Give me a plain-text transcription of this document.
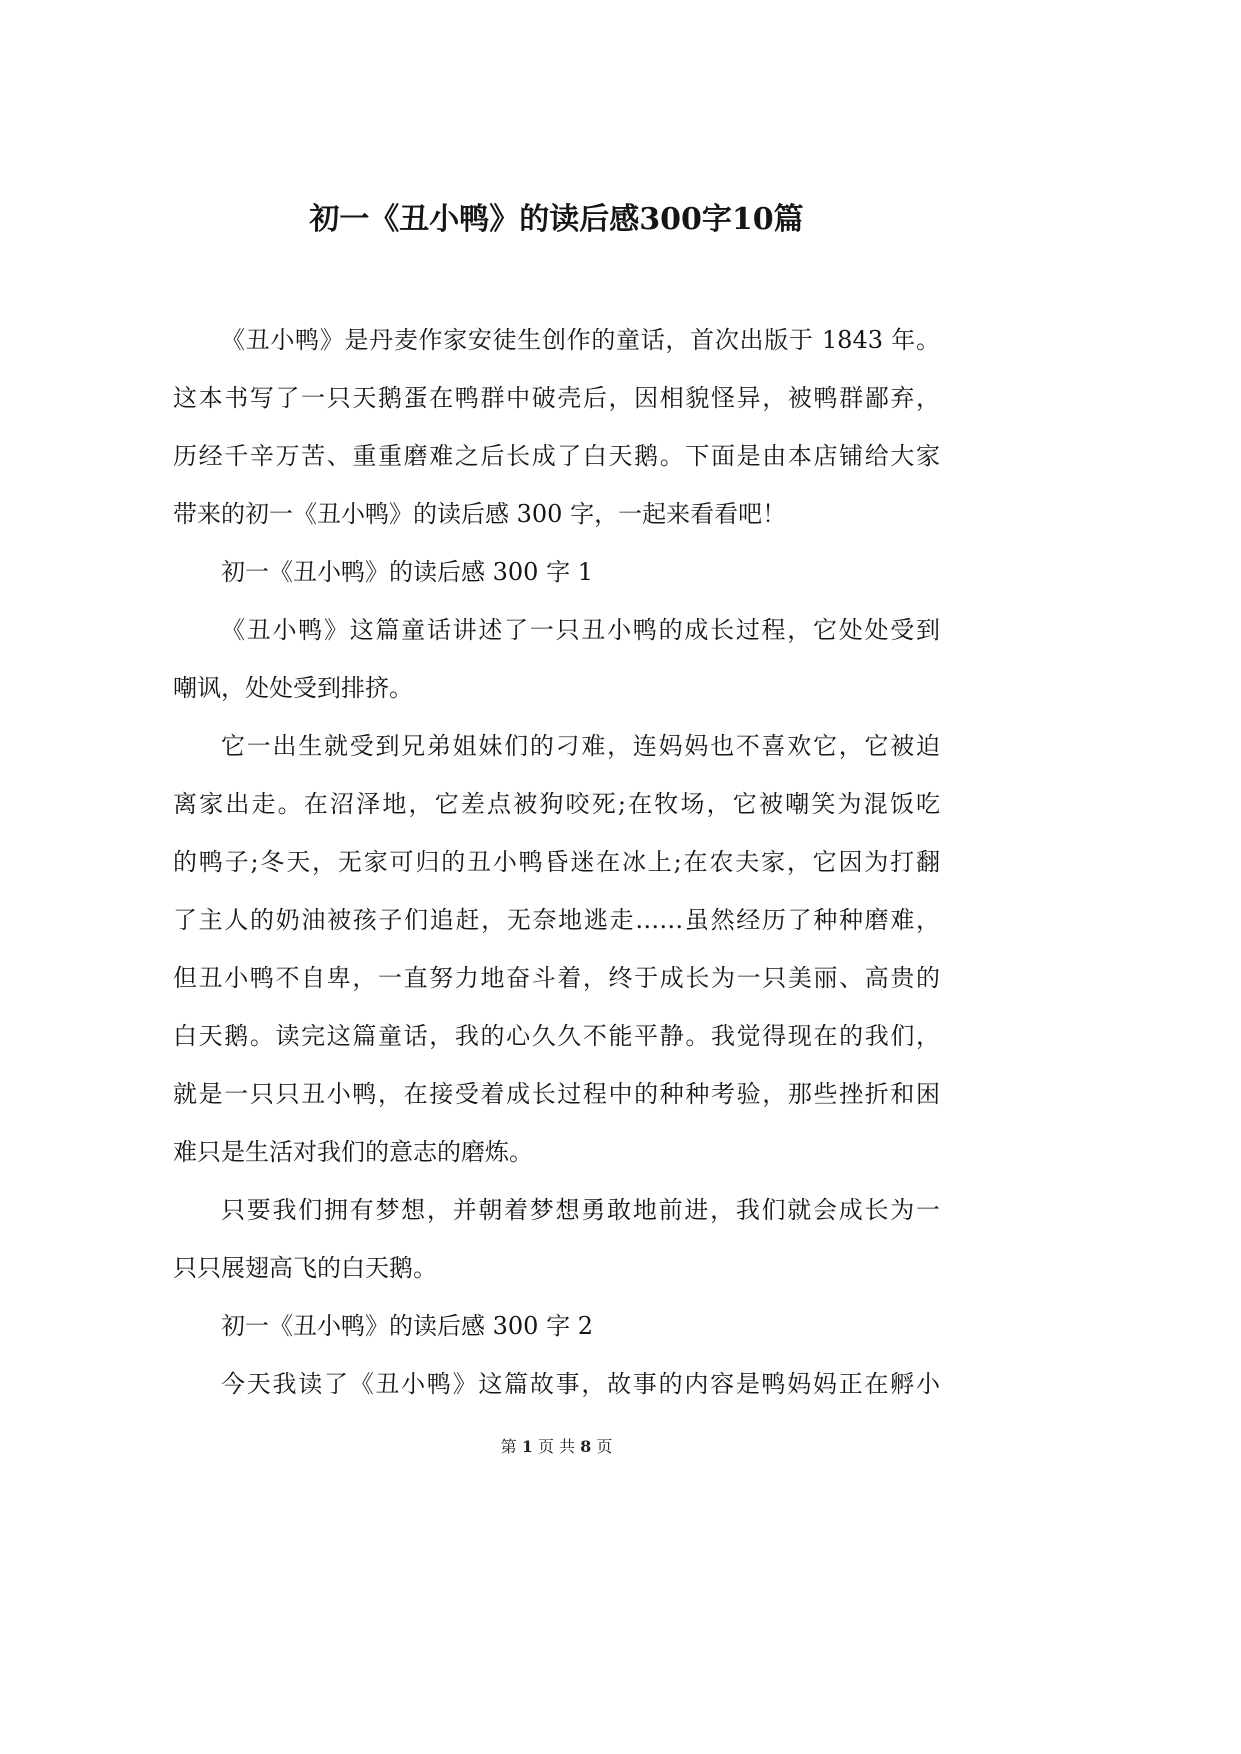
初一《丑小鸭》的读后感300字10篇
《丑小鸭》是丹麦作家安徒生创作的童话，首次出版于 1843 年。
这本书写了一只天鹅蛋在鸭群中破壳后，因相貌怪异，被鸭群鄙弃，
历经千辛万苦、重重磨难之后长成了白天鹅。下面是由本店铺给大家
带来的初一《丑小鸭》的读后感 300 字，一起来看看吧！
初一《丑小鸭》的读后感 300 字 1
《丑小鸭》这篇童话讲述了一只丑小鸭的成长过程，它处处受到
嘲讽，处处受到排挤。
它一出生就受到兄弟姐妹们的刁难，连妈妈也不喜欢它，它被迫
离家出走。在沼泽地，它差点被狗咬死;在牧场，它被嘲笑为混饭吃
的鸭子;冬天，无家可归的丑小鸭昏迷在冰上;在农夫家，它因为打翻
了主人的奶油被孩子们追赶，无奈地逃走……虽然经历了种种磨难，
但丑小鸭不自卑，一直努力地奋斗着，终于成长为一只美丽、高贵的
白天鹅。读完这篇童话，我的心久久不能平静。我觉得现在的我们，
就是一只只丑小鸭，在接受着成长过程中的种种考验，那些挫折和困
难只是生活对我们的意志的磨炼。
只要我们拥有梦想，并朝着梦想勇敢地前进，我们就会成长为一
只只展翅高飞的白天鹅。
初一《丑小鸭》的读后感 300 字 2
今天我读了《丑小鸭》这篇故事，故事的内容是鸭妈妈正在孵小
第 1 页 共 8 页
